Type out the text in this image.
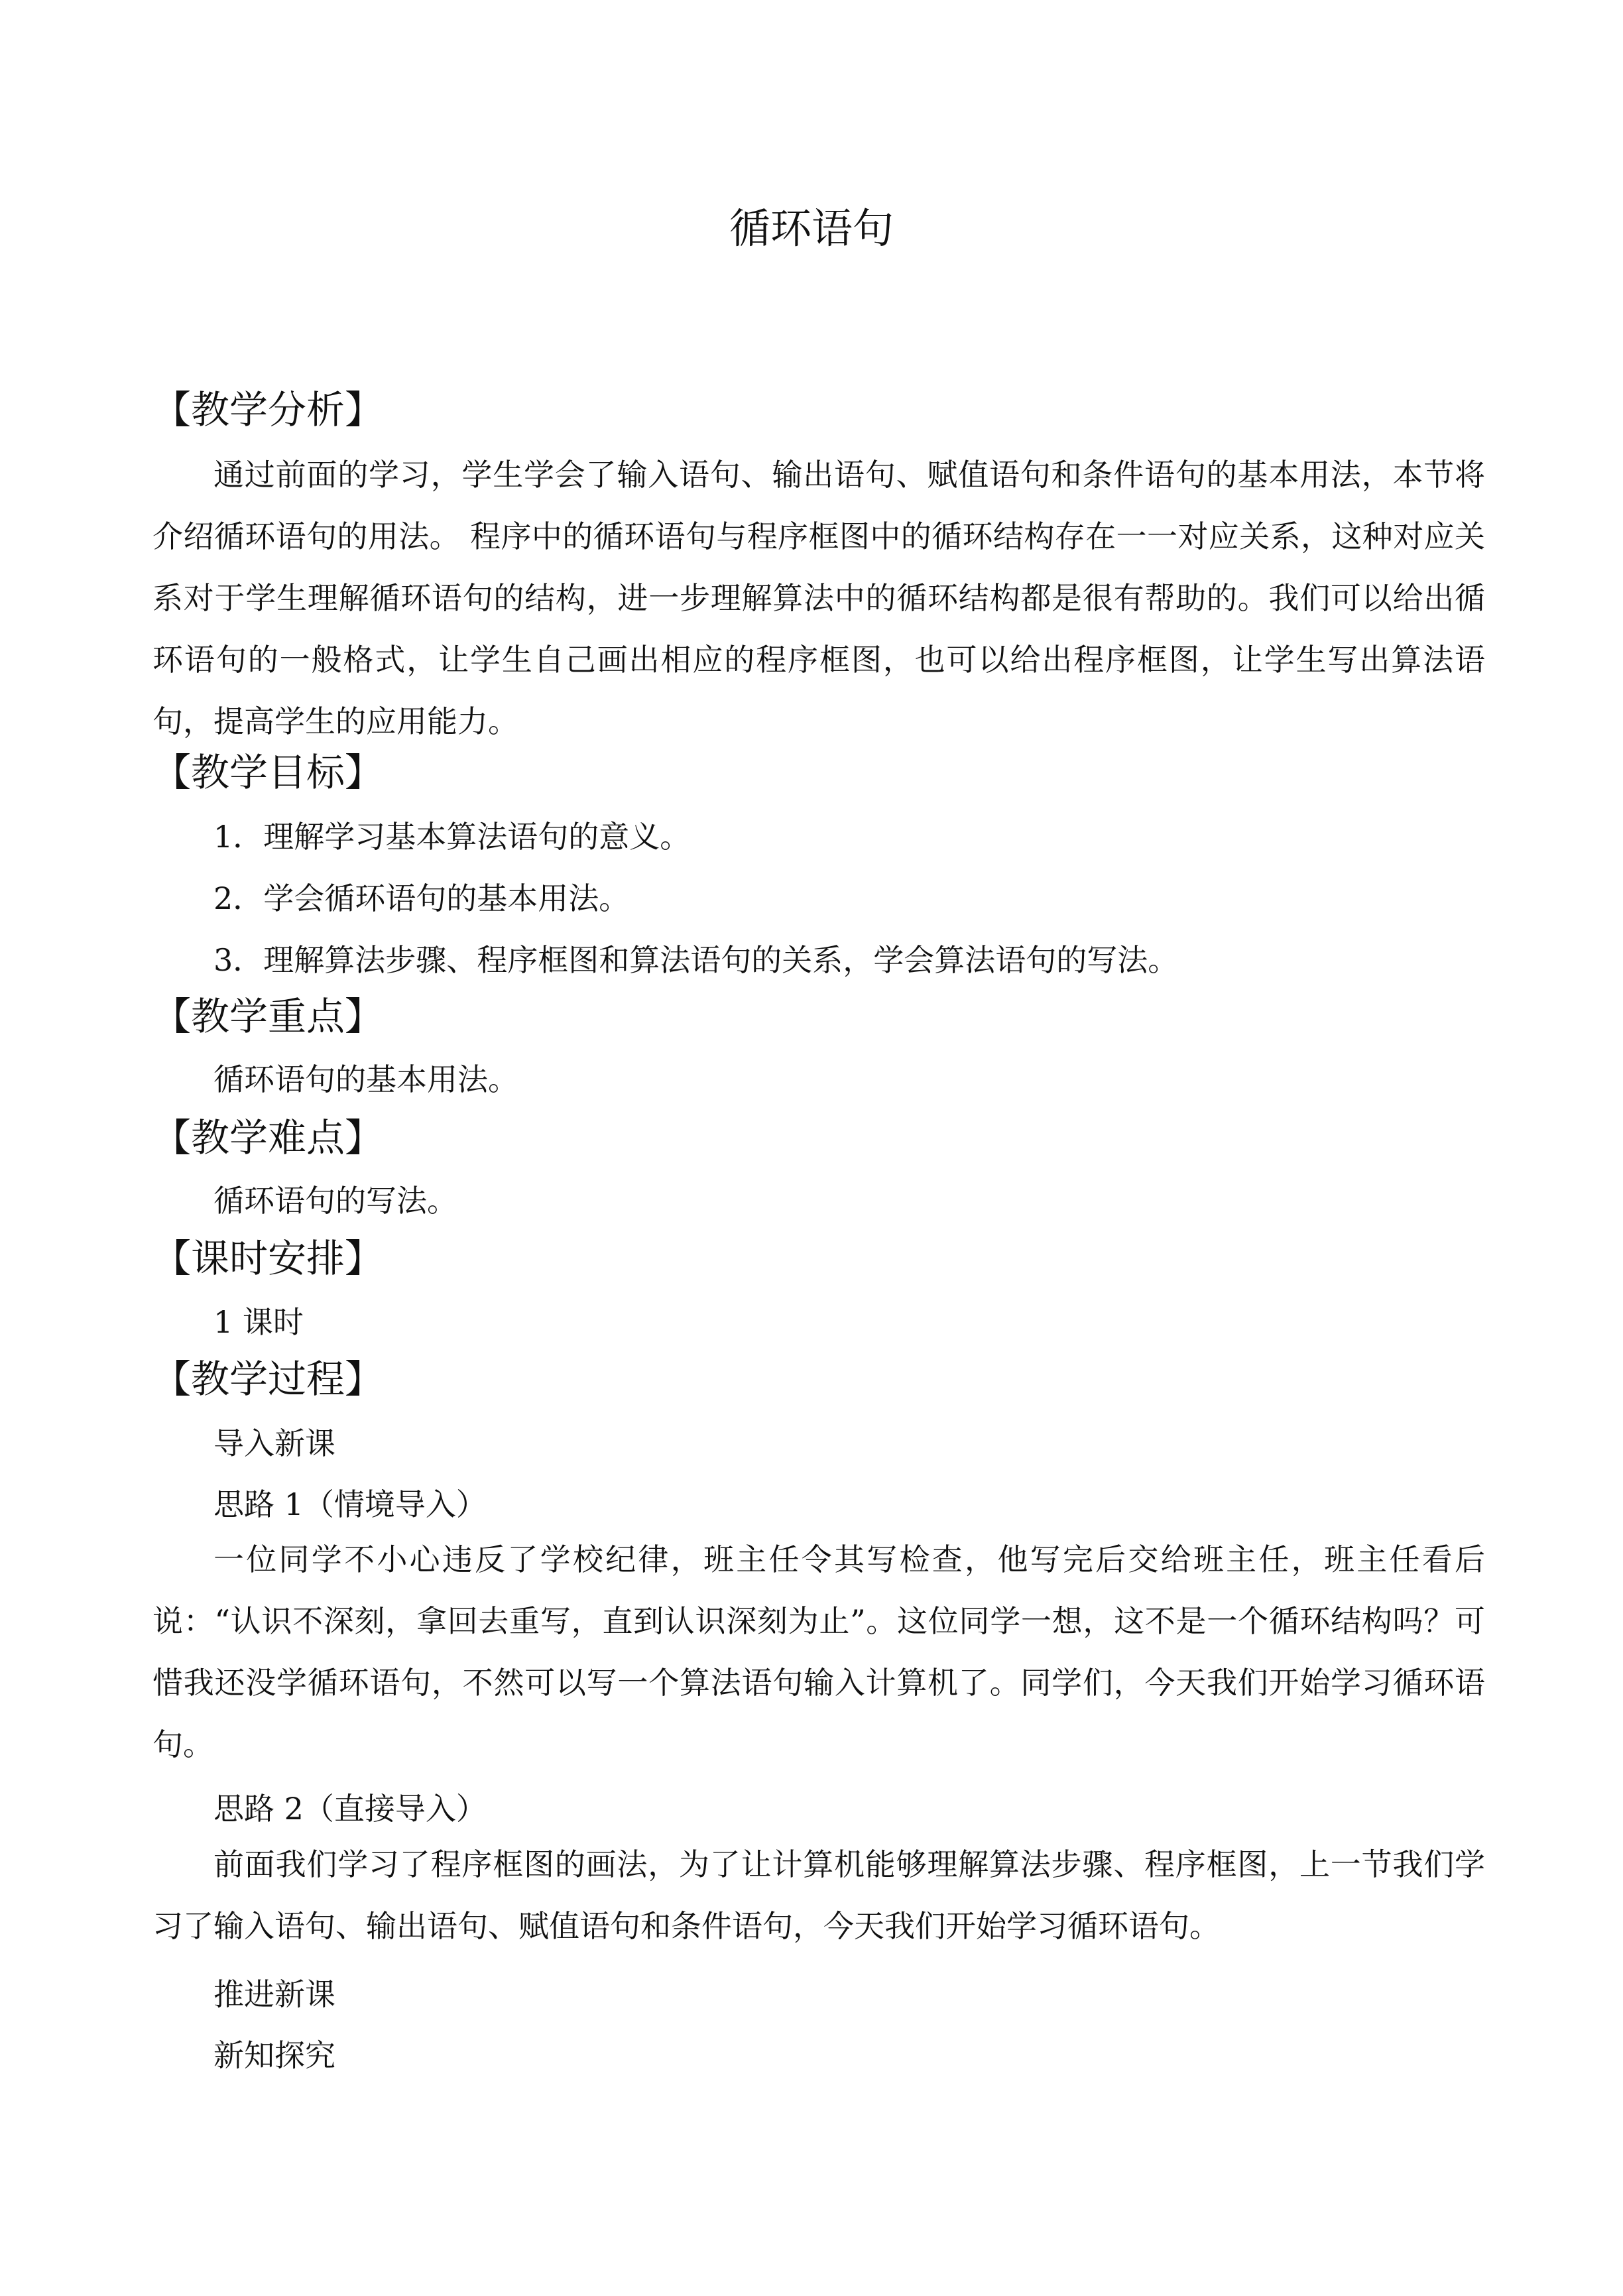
循环语句
【教学分析】

通过前面的学习，学生学会了输入语句、输出语句、赋值语句和条件语句的基本用法，本节将介绍循环语句的用法。 程序中的循环语句与程序框图中的循环结构存在一一对应关系，这种对应关系对于学生理解循环语句的结构，进一步理解算法中的循环结构都是很有帮助的。我们可以给出循环语句的一般格式，让学生自己画出相应的程序框图，也可以给出程序框图，让学生写出算法语句，提高学生的应用能力。

【教学目标】

1．理解学习基本算法语句的意义。

2．学会循环语句的基本用法。

3．理解算法步骤、程序框图和算法语句的关系，学会算法语句的写法。

【教学重点】

循环语句的基本用法。

【教学难点】

循环语句的写法。

【课时安排】

1 课时

【教学过程】

导入新课

思路 1（情境导入）

一位同学不小心违反了学校纪律，班主任令其写检查，他写完后交给班主任，班主任看后说：“认识不深刻，拿回去重写，直到认识深刻为止”。这位同学一想，这不是一个循环结构吗？可惜我还没学循环语句，不然可以写一个算法语句输入计算机了。同学们，今天我们开始学习循环语句。

思路 2（直接导入）

前面我们学习了程序框图的画法，为了让计算机能够理解算法步骤、程序框图，上一节我们学习了输入语句、输出语句、赋值语句和条件语句，今天我们开始学习循环语句。

推进新课

新知探究
